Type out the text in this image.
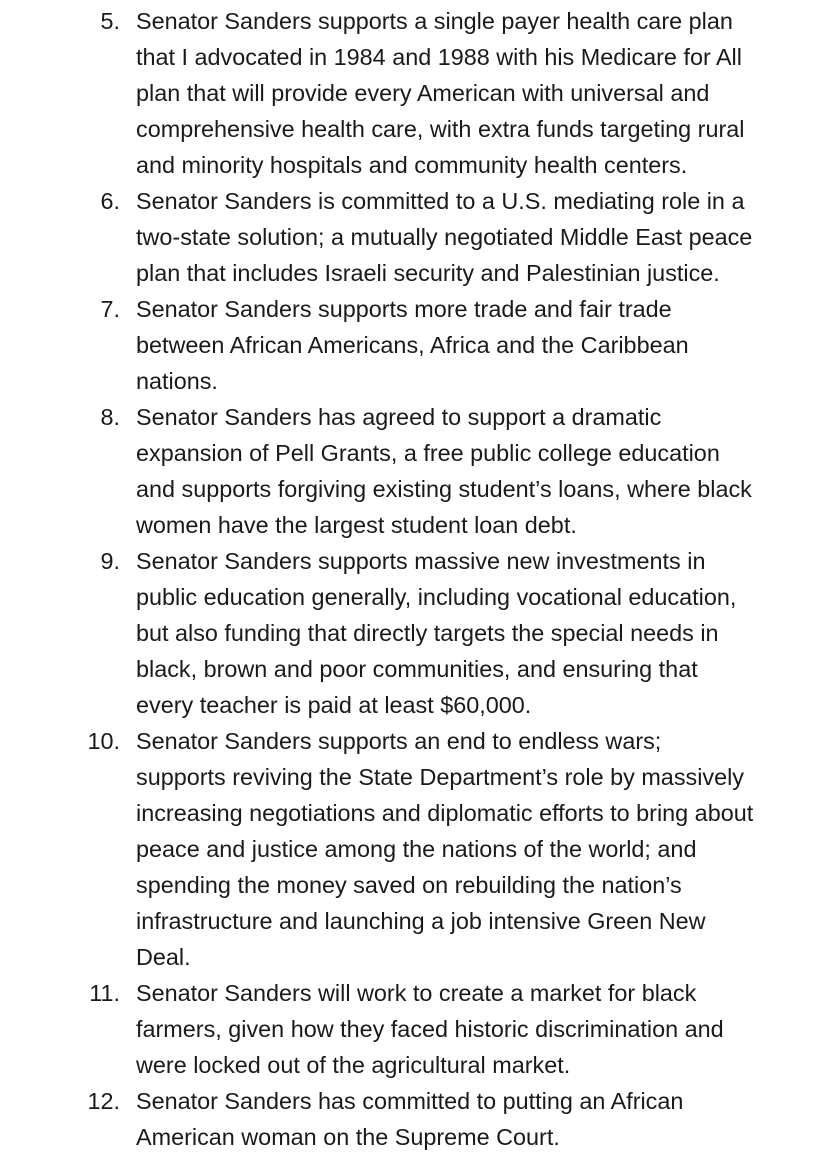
5. Senator Sanders supports a single payer health care plan
that I advocated in 1984 and 1988 with his Medicare for All
plan that will provide every American with universal and
comprehensive health care, with extra funds targeting rural
and minority hospitals and community health centers.
6. Senator Sanders is committed to a U.S. mediating role in a
two-state solution; a mutually negotiated Middle East peace
plan that includes Israeli security and Palestinian justice.
7. Senator Sanders supports more trade and fair trade
between African Americans, Africa and the Caribbean
nations.
8. Senator Sanders has agreed to support a dramatic
expansion of Pell Grants, a free public college education
and supports forgiving existing student’s loans, where black
women have the largest student loan debt.
9. Senator Sanders supports massive new investments in
public education generally, including vocational education,
but also funding that directly targets the special needs in
black, brown and poor communities, and ensuring that
every teacher is paid at least $60,000.
10. Senator Sanders supports an end to endless wars;
supports reviving the State Department’s role by massively
increasing negotiations and diplomatic efforts to bring about
peace and justice among the nations of the world; and
spending the money saved on rebuilding the nation’s
infrastructure and launching a job intensive Green New
Deal.
11. Senator Sanders will work to create a market for black
farmers, given how they faced historic discrimination and
were locked out of the agricultural market.
12. Senator Sanders has committed to putting an African
American woman on the Supreme Court.
